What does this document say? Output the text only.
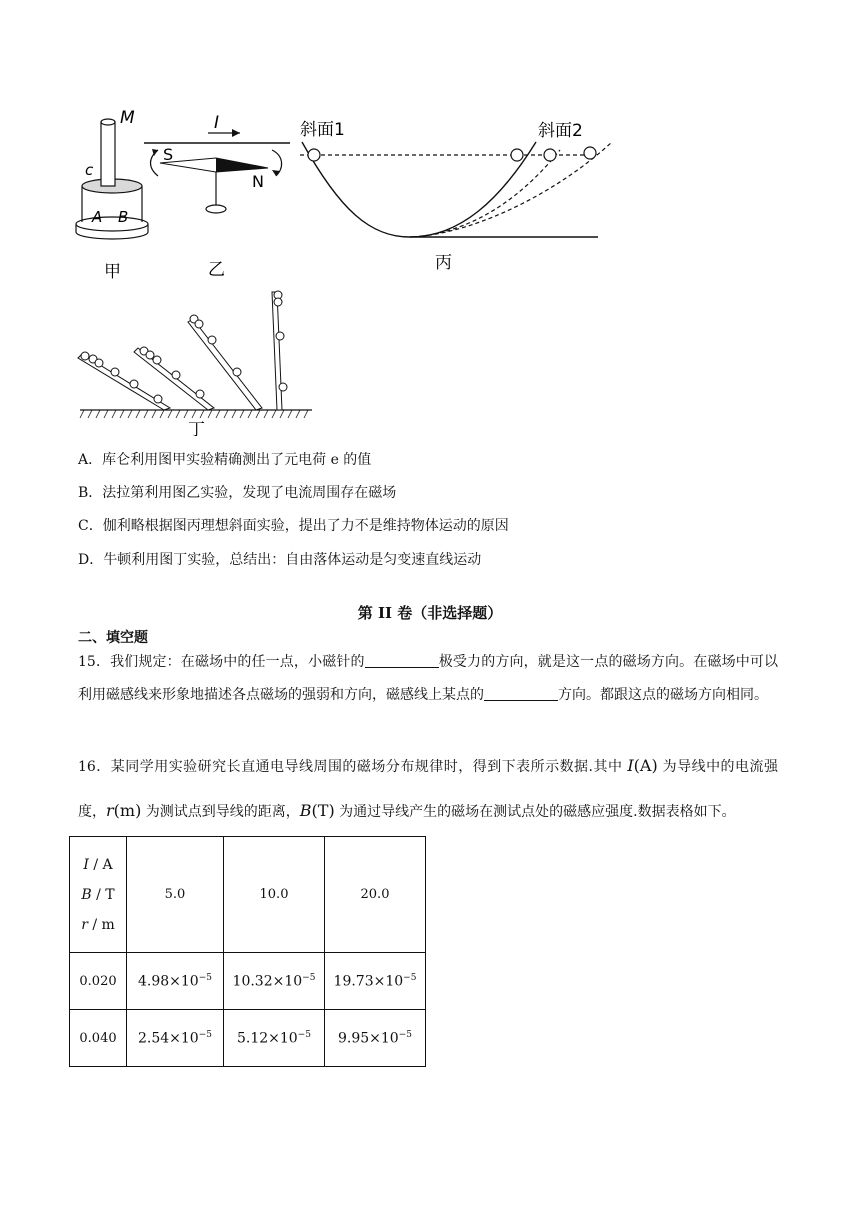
M
c
A B
甲
I
S
N
乙
斜面1	斜面2
丙
丁
A．库仑利用图甲实验精确测出了元电荷 e 的值
B．法拉第利用图乙实验，发现了电流周围存在磁场
C．伽利略根据图丙理想斜面实验，提出了力不是维持物体运动的原因
D．牛顿利用图丁实验，总结出：自由落体运动是匀变速直线运动
第 II 卷（非选择题）
二、填空题
15．我们规定：在磁场中的任一点，小磁针的	极受力的方向，就是这一点的磁场方向。在磁场中可以利用磁感线来形象地描述各点磁场的强弱和方向，磁感线上某点的	方向。都跟这点的磁场方向相同。
16．某同学用实验研究长直通电导线周围的磁场分布规律时，得到下表所示数据.其中 I(A) 为导线中的电流强度，r(m) 为测试点到导线的距离，B(T) 为通过导线产生的磁场在测试点处的磁感应强度.数据表格如下。
I / A
B / T
r / m	5.0	10.0	20.0
0.020	$4.98\times 10^{-5}$	$10.32\times 10^{-5}$	$19.73\times 10^{-5}$
0.040	$2.54\times 10^{-5}$	$5.12\times 10^{-5}$	$9.95\times 10^{-5}$
